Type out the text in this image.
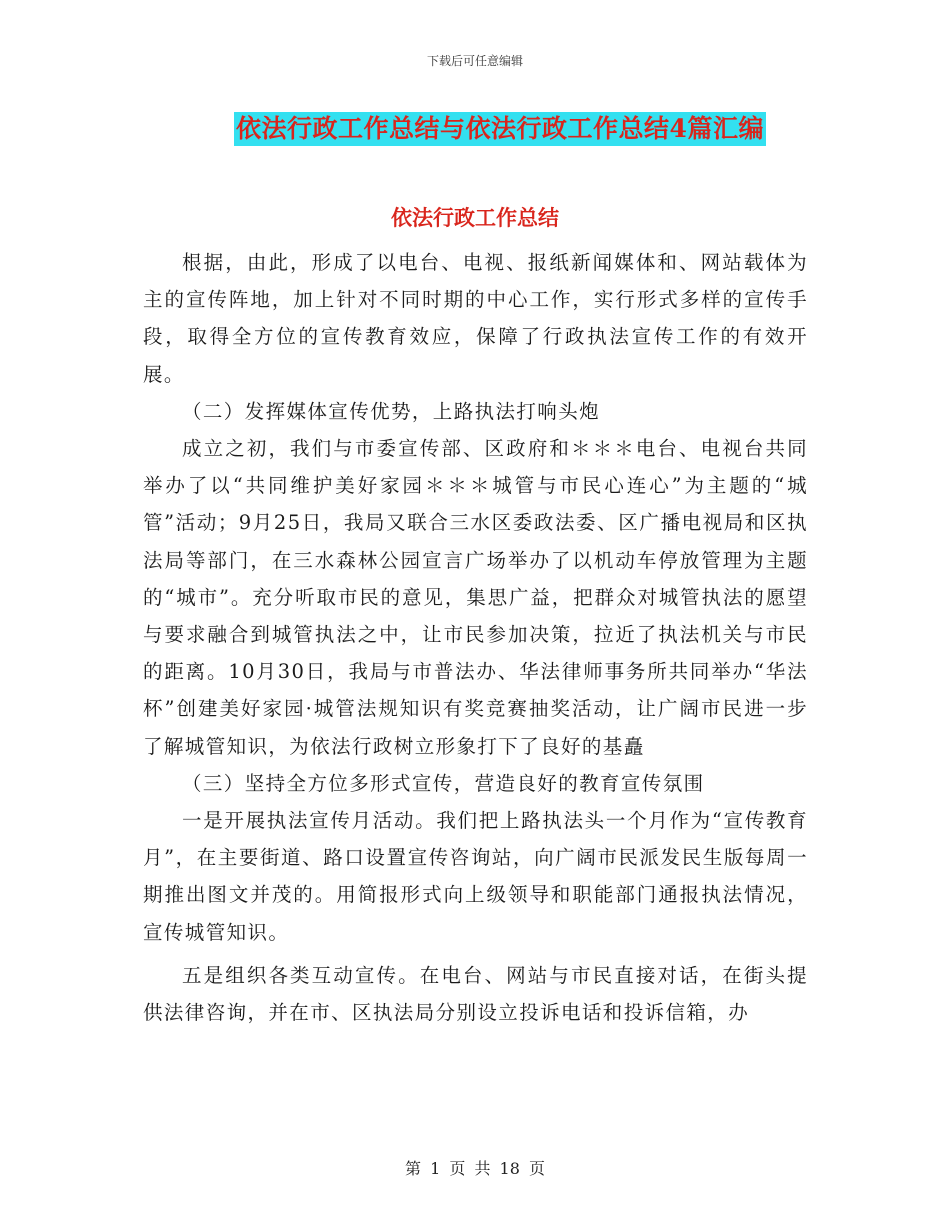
下载后可任意编辑
依法行政工作总结与依法行政工作总结4篇汇编
依法行政工作总结

根据，由此，形成了以电台、电视、报纸新闻媒体和、网站载体为主的宣传阵地，加上针对不同时期的中心工作，实行形式多样的宣传手段，取得全方位的宣传教育效应，保障了行政执法宣传工作的有效开展。

（二）发挥媒体宣传优势，上路执法打响头炮

成立之初，我们与市委宣传部、区政府和＊＊＊电台、电视台共同举办了以“共同维护美好家园＊＊＊城管与市民心连心”为主题的“城管”活动；9月25日，我局又联合三水区委政法委、区广播电视局和区执法局等部门，在三水森林公园宣言广场举办了以机动车停放管理为主题的“城市”。充分听取市民的意见，集思广益，把群众对城管执法的愿望与要求融合到城管执法之中，让市民参加决策，拉近了执法机关与市民的距离。10月30日，我局与市普法办、华法律师事务所共同举办“华法杯”创建美好家园·城管法规知识有奖竞赛抽奖活动，让广阔市民进一步了解城管知识，为依法行政树立形象打下了良好的基矗

（三）坚持全方位多形式宣传，营造良好的教育宣传氛围

一是开展执法宣传月活动。我们把上路执法头一个月作为“宣传教育月”，在主要街道、路口设置宣传咨询站，向广阔市民派发民生版每周一期推出图文并茂的。用简报形式向上级领导和职能部门通报执法情况，宣传城管知识。

五是组织各类互动宣传。在电台、网站与市民直接对话，在街头提供法律咨询，并在市、区执法局分别设立投诉电话和投诉信箱，办

第 1 页 共 18 页
